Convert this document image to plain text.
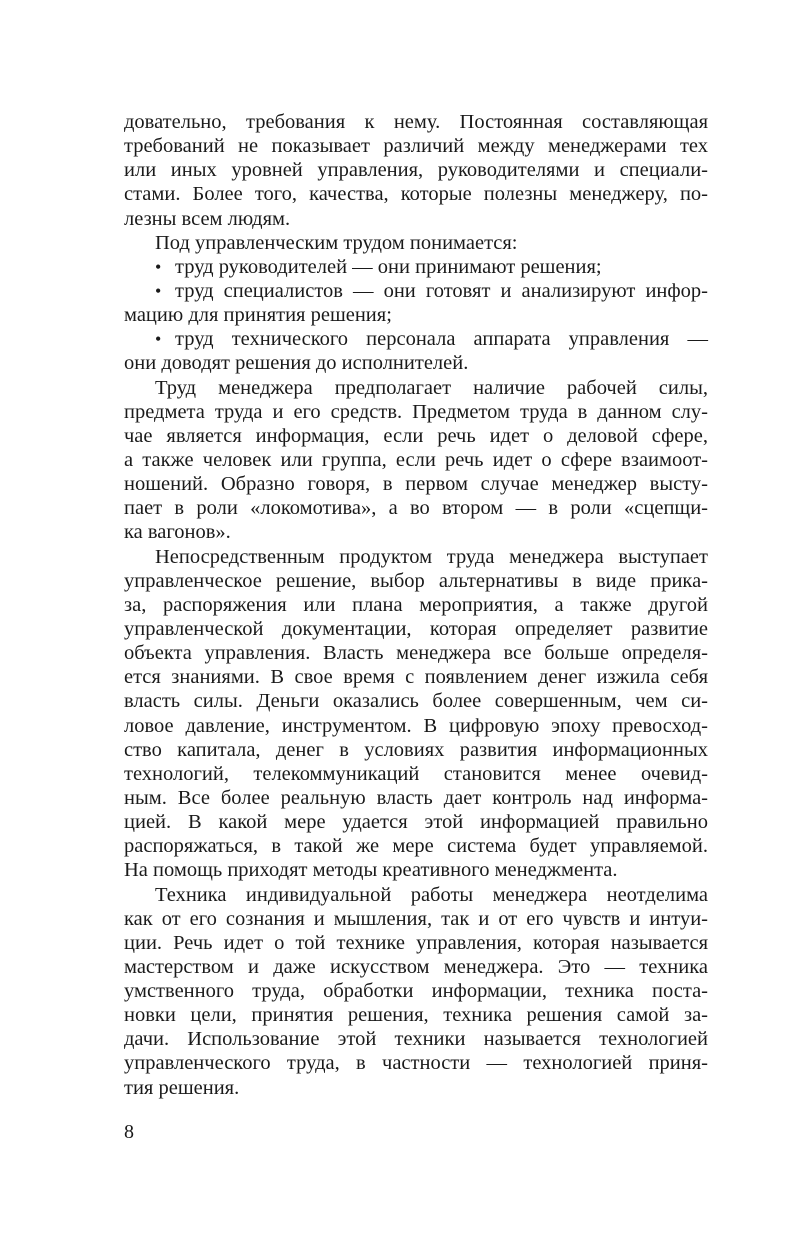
довательно, требования к нему. Постоянная составляющая
требований не показывает различий между менеджерами тех
или иных уровней управления, руководителями и специали-
стами. Более того, качества, которые полезны менеджеру, по-
лезны всем людям.
Под управленческим трудом понимается:
• труд руководителей — они принимают решения;
• труд специалистов — они готовят и анализируют инфор-
мацию для принятия решения;
• труд технического персонала аппарата управления —
они доводят решения до исполнителей.
Труд менеджера предполагает наличие рабочей силы,
предмета труда и его средств. Предметом труда в данном слу-
чае является информация, если речь идет о деловой сфере,
а также человек или группа, если речь идет о сфере взаимоот-
ношений. Образно говоря, в первом случае менеджер высту-
пает в роли «локомотива», а во втором — в роли «сцепщи-
ка вагонов».
Непосредственным продуктом труда менеджера выступает
управленческое решение, выбор альтернативы в виде прика-
за, распоряжения или плана мероприятия, а также другой
управленческой документации, которая определяет развитие
объекта управления. Власть менеджера все больше определя-
ется знаниями. В свое время с появлением денег изжила себя
власть силы. Деньги оказались более совершенным, чем си-
ловое давление, инструментом. В цифровую эпоху превосход-
ство капитала, денег в условиях развития информационных
технологий, телекоммуникаций становится менее очевид-
ным. Все более реальную власть дает контроль над информа-
цией. В какой мере удается этой информацией правильно
распоряжаться, в такой же мере система будет управляемой.
На помощь приходят методы креативного менеджмента.
Техника индивидуальной работы менеджера неотделима
как от его сознания и мышления, так и от его чувств и интуи-
ции. Речь идет о той технике управления, которая называется
мастерством и даже искусством менеджера. Это — техника
умственного труда, обработки информации, техника поста-
новки цели, принятия решения, техника решения самой за-
дачи. Использование этой техники называется технологией
управленческого труда, в частности — технологией приня-
тия решения.
8
